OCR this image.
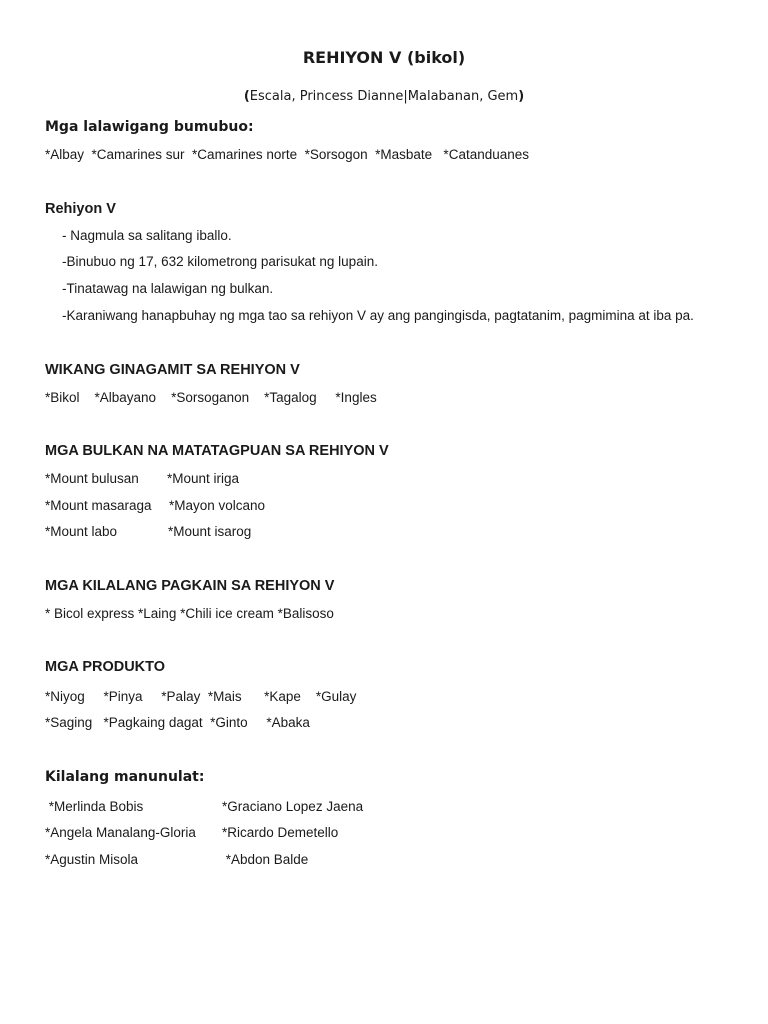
REHIYON V (bikol)

(Escala, Princess Dianne|Malabanan, Gem)

Mga lalawigang bumubuo:

*Albay  *Camarines sur  *Camarines norte  *Sorsogon  *Masbate   *Catanduanes

Rehiyon V

- Nagmula sa salitang iballo.

-Binubuo ng 17, 632 kilometrong parisukat ng lupain.

-Tinatawag na lalawigan ng bulkan.

-Karaniwang hanapbuhay ng mga tao sa rehiyon V ay ang pangingisda, pagtatanim, pagmimina at iba pa.

WIKANG GINAGAMIT SA REHIYON V

*Bikol    *Albayano    *Sorsoganon    *Tagalog     *Ingles

MGA BULKAN NA MATATAGPUAN SA REHIYON V
*Mount bulusan *Mount iriga
*Mount masaraga *Mayon volcano
*Mount labo	*Mount isarog
MGA KILALANG PAGKAIN SA REHIYON V

* Bicol express *Laing *Chili ice cream *Balisoso

MGA PRODUKTO

*Niyog     *Pinya     *Palay  *Mais      *Kape    *Gulay

*Saging   *Pagkaing dagat  *Ginto     *Abaka

Kilalang manunulat:
*Merlinda Bobis	*Graciano Lopez Jaena
*Angela Manalang-Gloria *Ricardo Demetello
*Agustin Misola	*Abdon Balde
